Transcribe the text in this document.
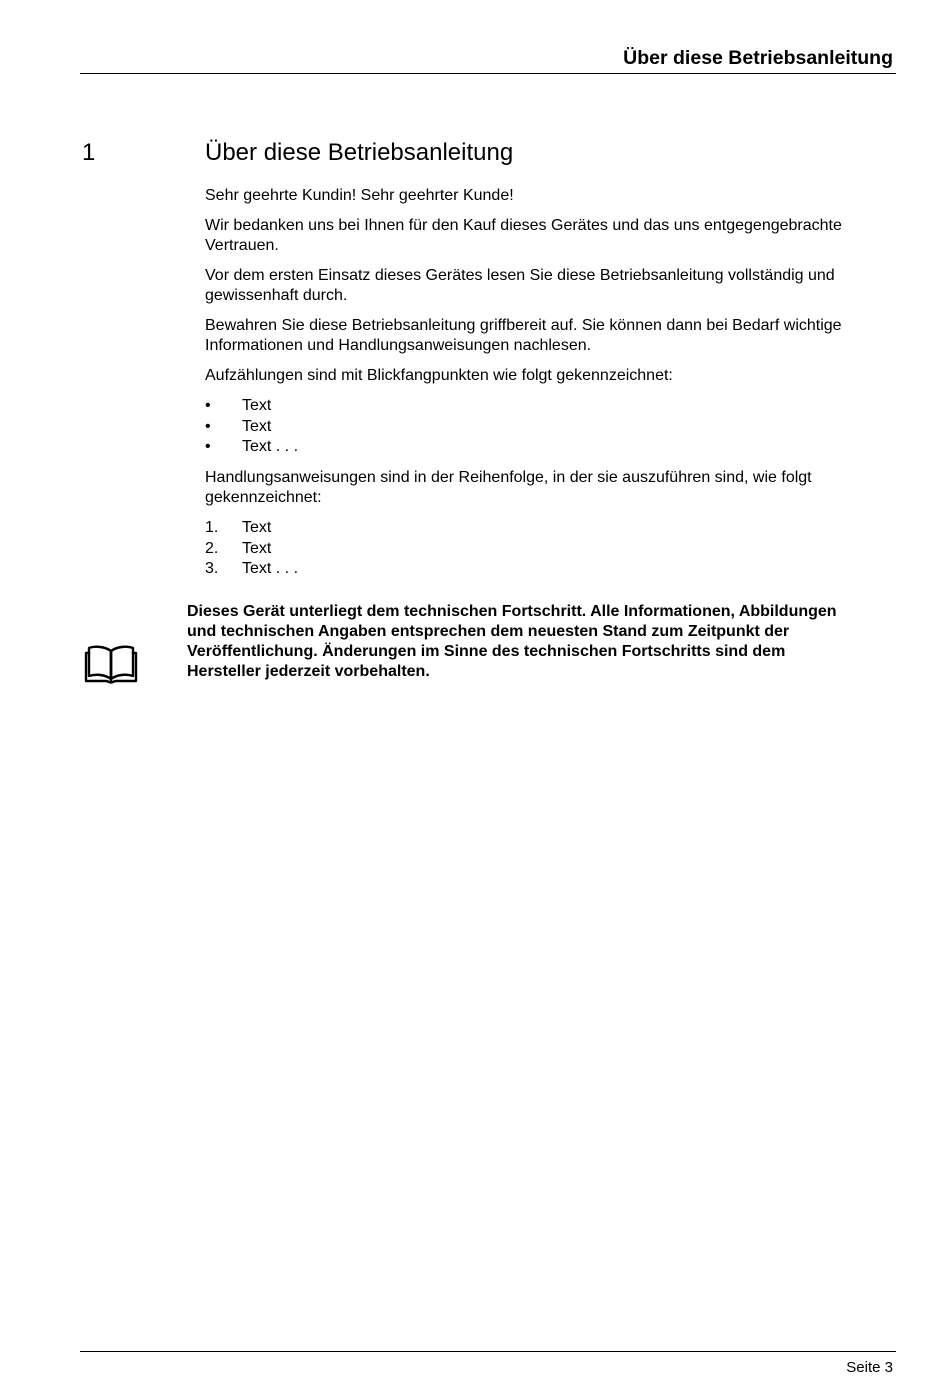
Über diese Betriebsanleitung
1	Über diese Betriebsanleitung

Sehr geehrte Kundin! Sehr geehrter Kunde!

Wir bedanken uns bei Ihnen für den Kauf dieses Gerätes und das uns entgegengebrachte Vertrauen.

Vor dem ersten Einsatz dieses Gerätes lesen Sie diese Betriebsanleitung vollständig und gewissenhaft durch.

Bewahren Sie diese Betriebsanleitung griffbereit auf. Sie können dann bei Bedarf wichtige Informationen und Handlungsanweisungen nachlesen.

Aufzählungen sind mit Blickfangpunkten wie folgt gekennzeichnet:

• Text
• Text
• Text . . .

Handlungsanweisungen sind in der Reihenfolge, in der sie auszuführen sind, wie folgt gekennzeichnet:

1. Text
2. Text
3. Text . . .
Dieses Gerät unterliegt dem technischen Fortschritt. Alle Informationen, Abbildungen und technischen Angaben entsprechen dem neuesten Stand zum Zeitpunkt der Veröffentlichung. Änderungen im Sinne des technischen Fortschritts sind dem Hersteller jederzeit vorbehalten.
Seite 3
